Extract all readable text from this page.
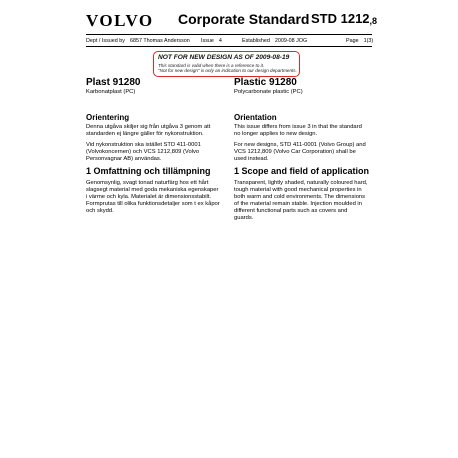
VOLVO Corporate Standard STD $1212_{,8}$
Dept / Issued by 6857 Thomas Andersson Issue 4	Established 2009-08 JOG	Page 1(3)
NOT FOR NEW DESIGN AS OF 2009-08-19
This standard is valid when there is a reference to it.
"Not for new design" is only an indication to our design departments.
Plast 91280
Karbonatplast (PC)
Orientering
Denna utgåva skiljer sig från utgåva 3 genom att standarden ej längre gäller för nykonstruktion.
Vid nykonstruktion ska istället STD 411-0001 (Volvokoncernen) och VCS 1212,809 (Volvo Personvagnar AB) användas.
1 Omfattning och tillämpning
Genomsynlig, svagt tonad naturfärg hos ett hårt slagsegt material med goda mekaniska egenskaper i värme och kyla. Materialet är dimensionsstabilt. Formprutas till olika funktionsdetaljer som t ex kåpor och skydd.
Plastic 91280
Polycarbonate plastic (PC)
Orientation
This issue differs from issue 3 in that the standard no longer applies to new design.
For new designs, STD 411-0001 (Volvo Group) and VCS 1212,809 (Volvo Car Corporation) shall be used instead.
1 Scope and field of application
Transparent, lightly shaded, naturally coloured hard, tough material with good mechanical properties in both warm and cold environments. The dimensions of the material remain stable. Injection moulded in different functional parts such as covers and guards.
